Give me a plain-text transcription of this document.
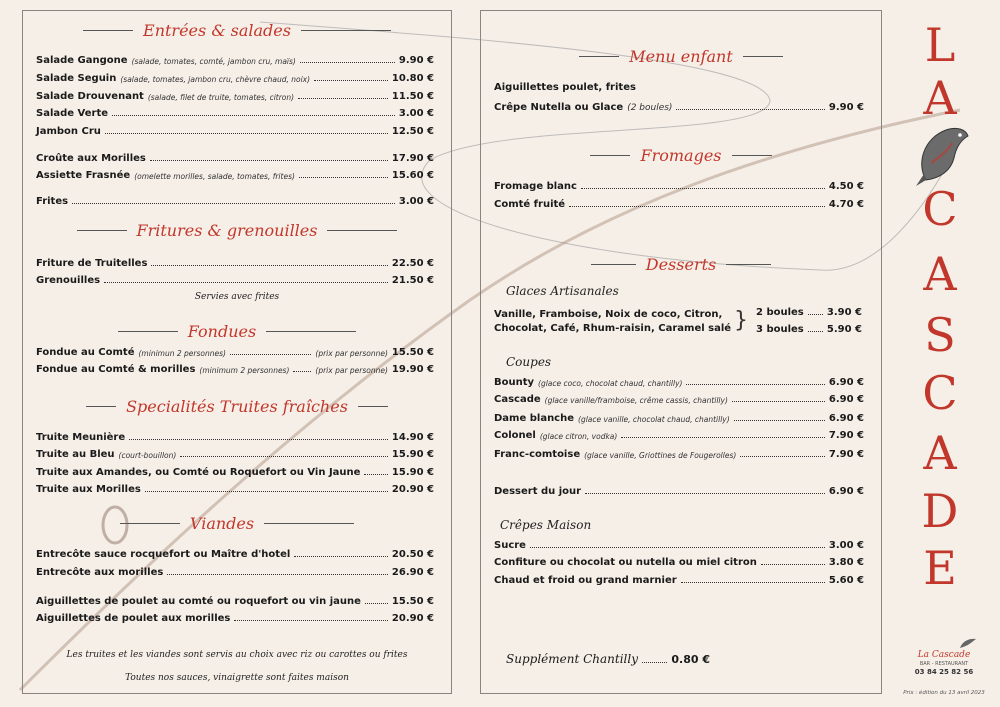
Entrées & salades
Salade Gangone (salade, tomates, comté, jambon cru, maïs)	9.90 €
Salade Seguin (salade, tomates, jambon cru, chèvre chaud, noix)	10.80 €
Salade Drouvenant (salade, filet de truite, tomates, citron)	11.50 €
Salade Verte	3.00 €
Jambon Cru	12.50 €
Croûte aux Morilles	17.90 €
Assiette Frasnée (omelette morilles, salade, tomates, frites)	15.60 €
Frites	3.00 €
Fritures & grenouilles
Friture de Truitelles	22.50 €
Grenouilles	21.50 €
Servies avec frites
Fondues
Fondue au Comté (minimun 2 personnes)	(prix par personne) 15.50 €
Fondue au Comté & morilles (minimum 2 personnes)	(prix par personne) 19.90 €
Specialités Truites fraîches
Truite Meunière	14.90 €
Truite au Bleu (court-bouillon)	15.90 €
Truite aux Amandes, ou Comté ou Roquefort ou Vin Jaune	15.90 €
Truite aux Morilles	20.90 €
Viandes
Entrecôte sauce rocquefort ou Maître d'hotel	20.50 €
Entrecôte aux morilles	26.90 €
Aiguillettes de poulet au comté ou roquefort ou vin jaune	15.50 €
Aiguillettes de poulet aux morilles	20.90 €
Les truites et les viandes sont servis au choix avec riz ou carottes ou frites
Toutes nos sauces, vinaigrette sont faites maison
Menu enfant
Aiguillettes poulet, frites
Crêpe Nutella ou Glace (2 boules)	9.90 €
Fromages
Fromage blanc	4.50 €
Comté fruité	4.70 €
Desserts
Glaces Artisanales
Vanille, Framboise, Noix de coco, Citron,
Chocolat, Café, Rhum-raisin, Caramel salé } 2 boules 3.90 €
3 boules 5.90 €
Coupes
Bounty (glace coco, chocolat chaud, chantilly)	6.90 €
Cascade (glace vanille/framboise, crême cassis, chantilly)	6.90 €
Dame blanche (glace vanille, chocolat chaud, chantilly)	6.90 €
Colonel (glace citron, vodka)	7.90 €
Franc-comtoise (glace vanille, Griottines de Fougerolles)	7.90 €
Dessert du jour	6.90 €
Crêpes Maison
Sucre	3.00 €
Confiture ou chocolat ou nutella ou miel citron	3.80 €
Chaud et froid ou grand marnier	5.60 €
Supplément Chantilly	0.80 €
L
A
C
A
S
C
A
D
E
La Cascade
BAR - RESTAURANT
03 84 25 82 56
Prix : édition du 13 avril 2023
